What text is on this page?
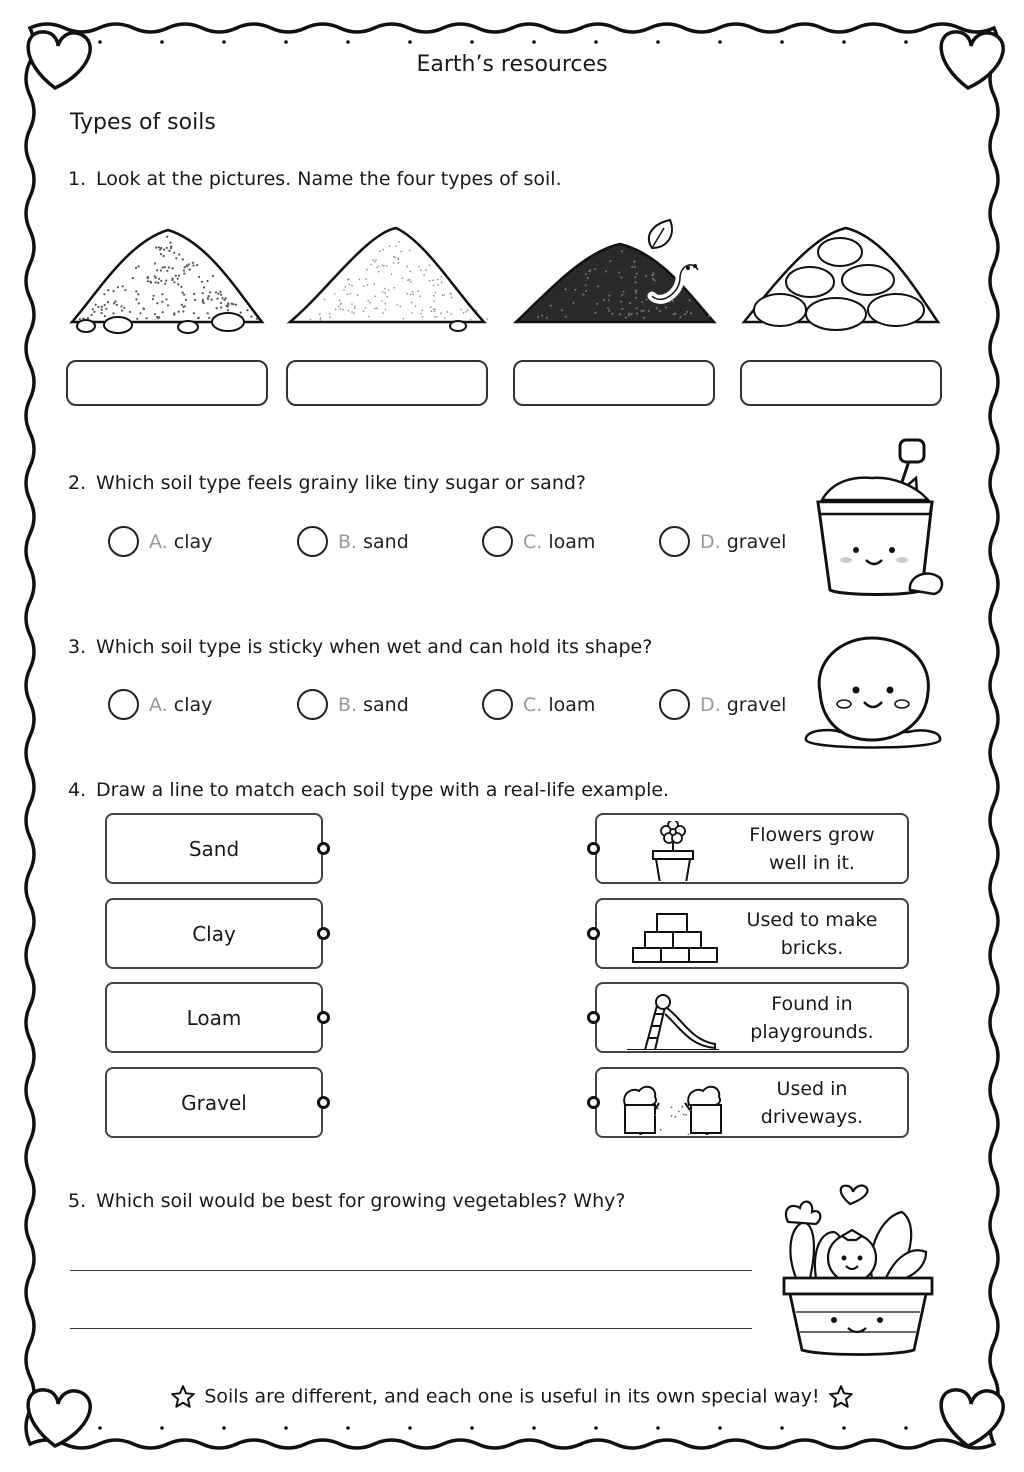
Earth’s resources
Types of soils
1. Look at the pictures. Name the four types of soil.
2. Which soil type feels grainy like tiny sugar or sand?
A.
clay	B.
sand	C.
loam	D.
gravel
3. Which soil type is sticky when wet and can hold its shape?
A.
clay	B.
sand	C.
loam	D.
gravel
4. Draw a line to match each soil type with a real-life example.
Sand
Clay
Loam
Gravel
Flowers grow
well in it.
Used to make
bricks.
Found in
playgrounds.
Used in
driveways.
5. Which soil would be best for growing vegetables? Why?
Soils are different, and each one is useful in its own special way!
